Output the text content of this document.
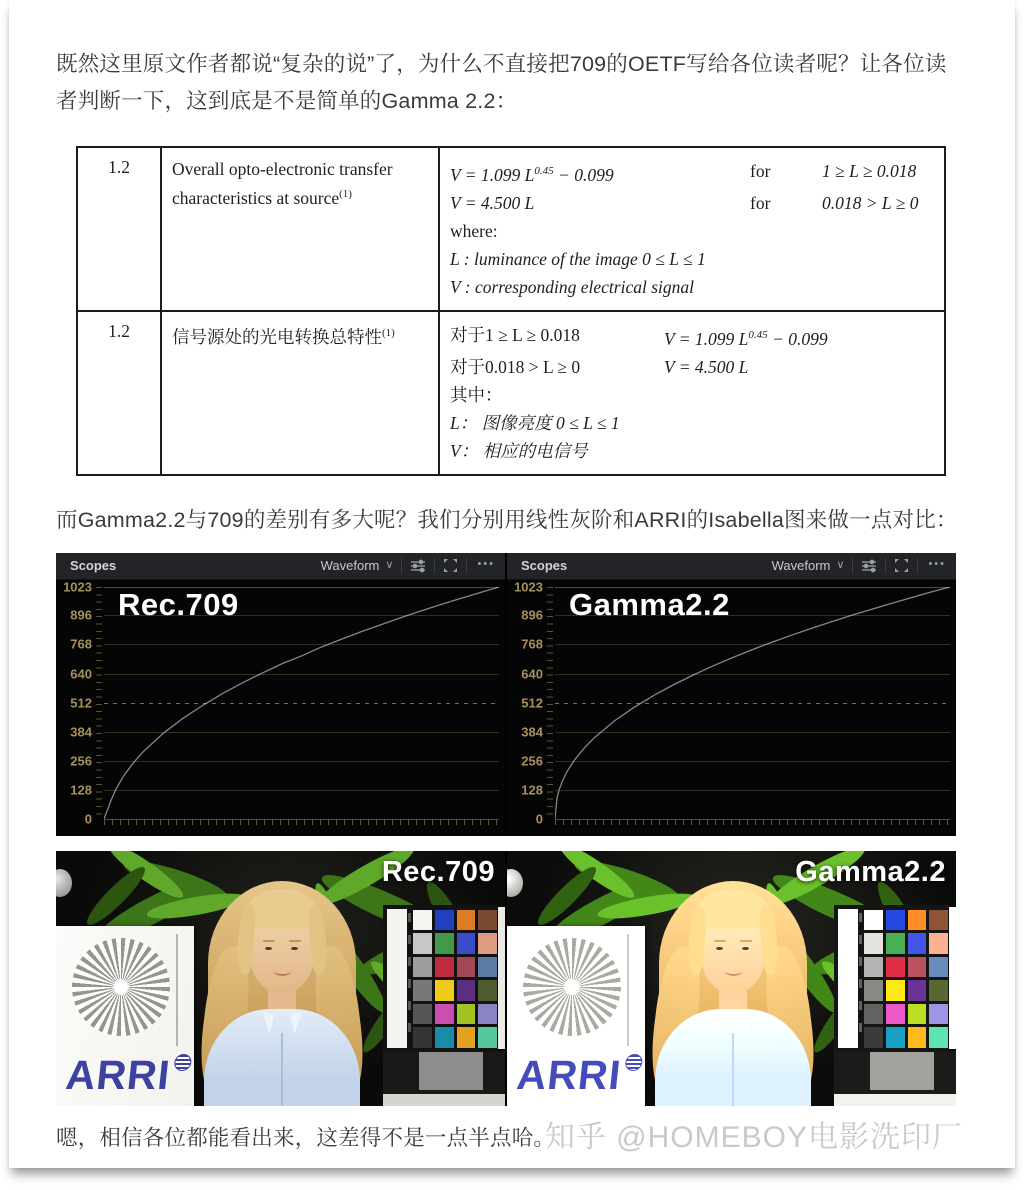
既然这里原文作者都说“复杂的说”了，为什么不直接把709的OETF写给各位读者呢？让各位读者判断一下，这到底是不是简单的Gamma 2.2：

1.2	Overall opto-electronic transfer characteristics at source$^{(1)}$	
V = 1.099 $L^{0.45} - 0.099$	for	1 ≥ L ≥ 0.018
V = 4.500 L	for	0.018 > L ≥ 0
where:
L : luminance of the image 0 ≤ L ≤ 1
V : corresponding electrical signal

1.2	信号源处的光电转换总特性$^{(1)}$	对于1 ≥ L ≥ 0.018	V = 1.099 $L^{0.45} - 0.099$
对于0.018 > L ≥ 0	V = 4.500 L
其中：
L： 图像亮度 0 ≤ L ≤ 1
V： 相应的电信号

而Gamma2.2与709的差别有多大呢？我们分别用线性灰阶和ARRI的Isabella图来做一点对比：

Scopes	Waveform ∨	•••
1023
896
768
640
512
384
256
128
0
Rec.709
Scopes	Waveform ∨	•••
1023
896
768
640
512
384
256
128
0
Gamma2.2
ARRI
Rec.709
ARRI
Gamma2.2

嗯，相信各位都能看出来，这差得不是一点半点哈。

知乎 @HOMEBOY电影洗印厂
